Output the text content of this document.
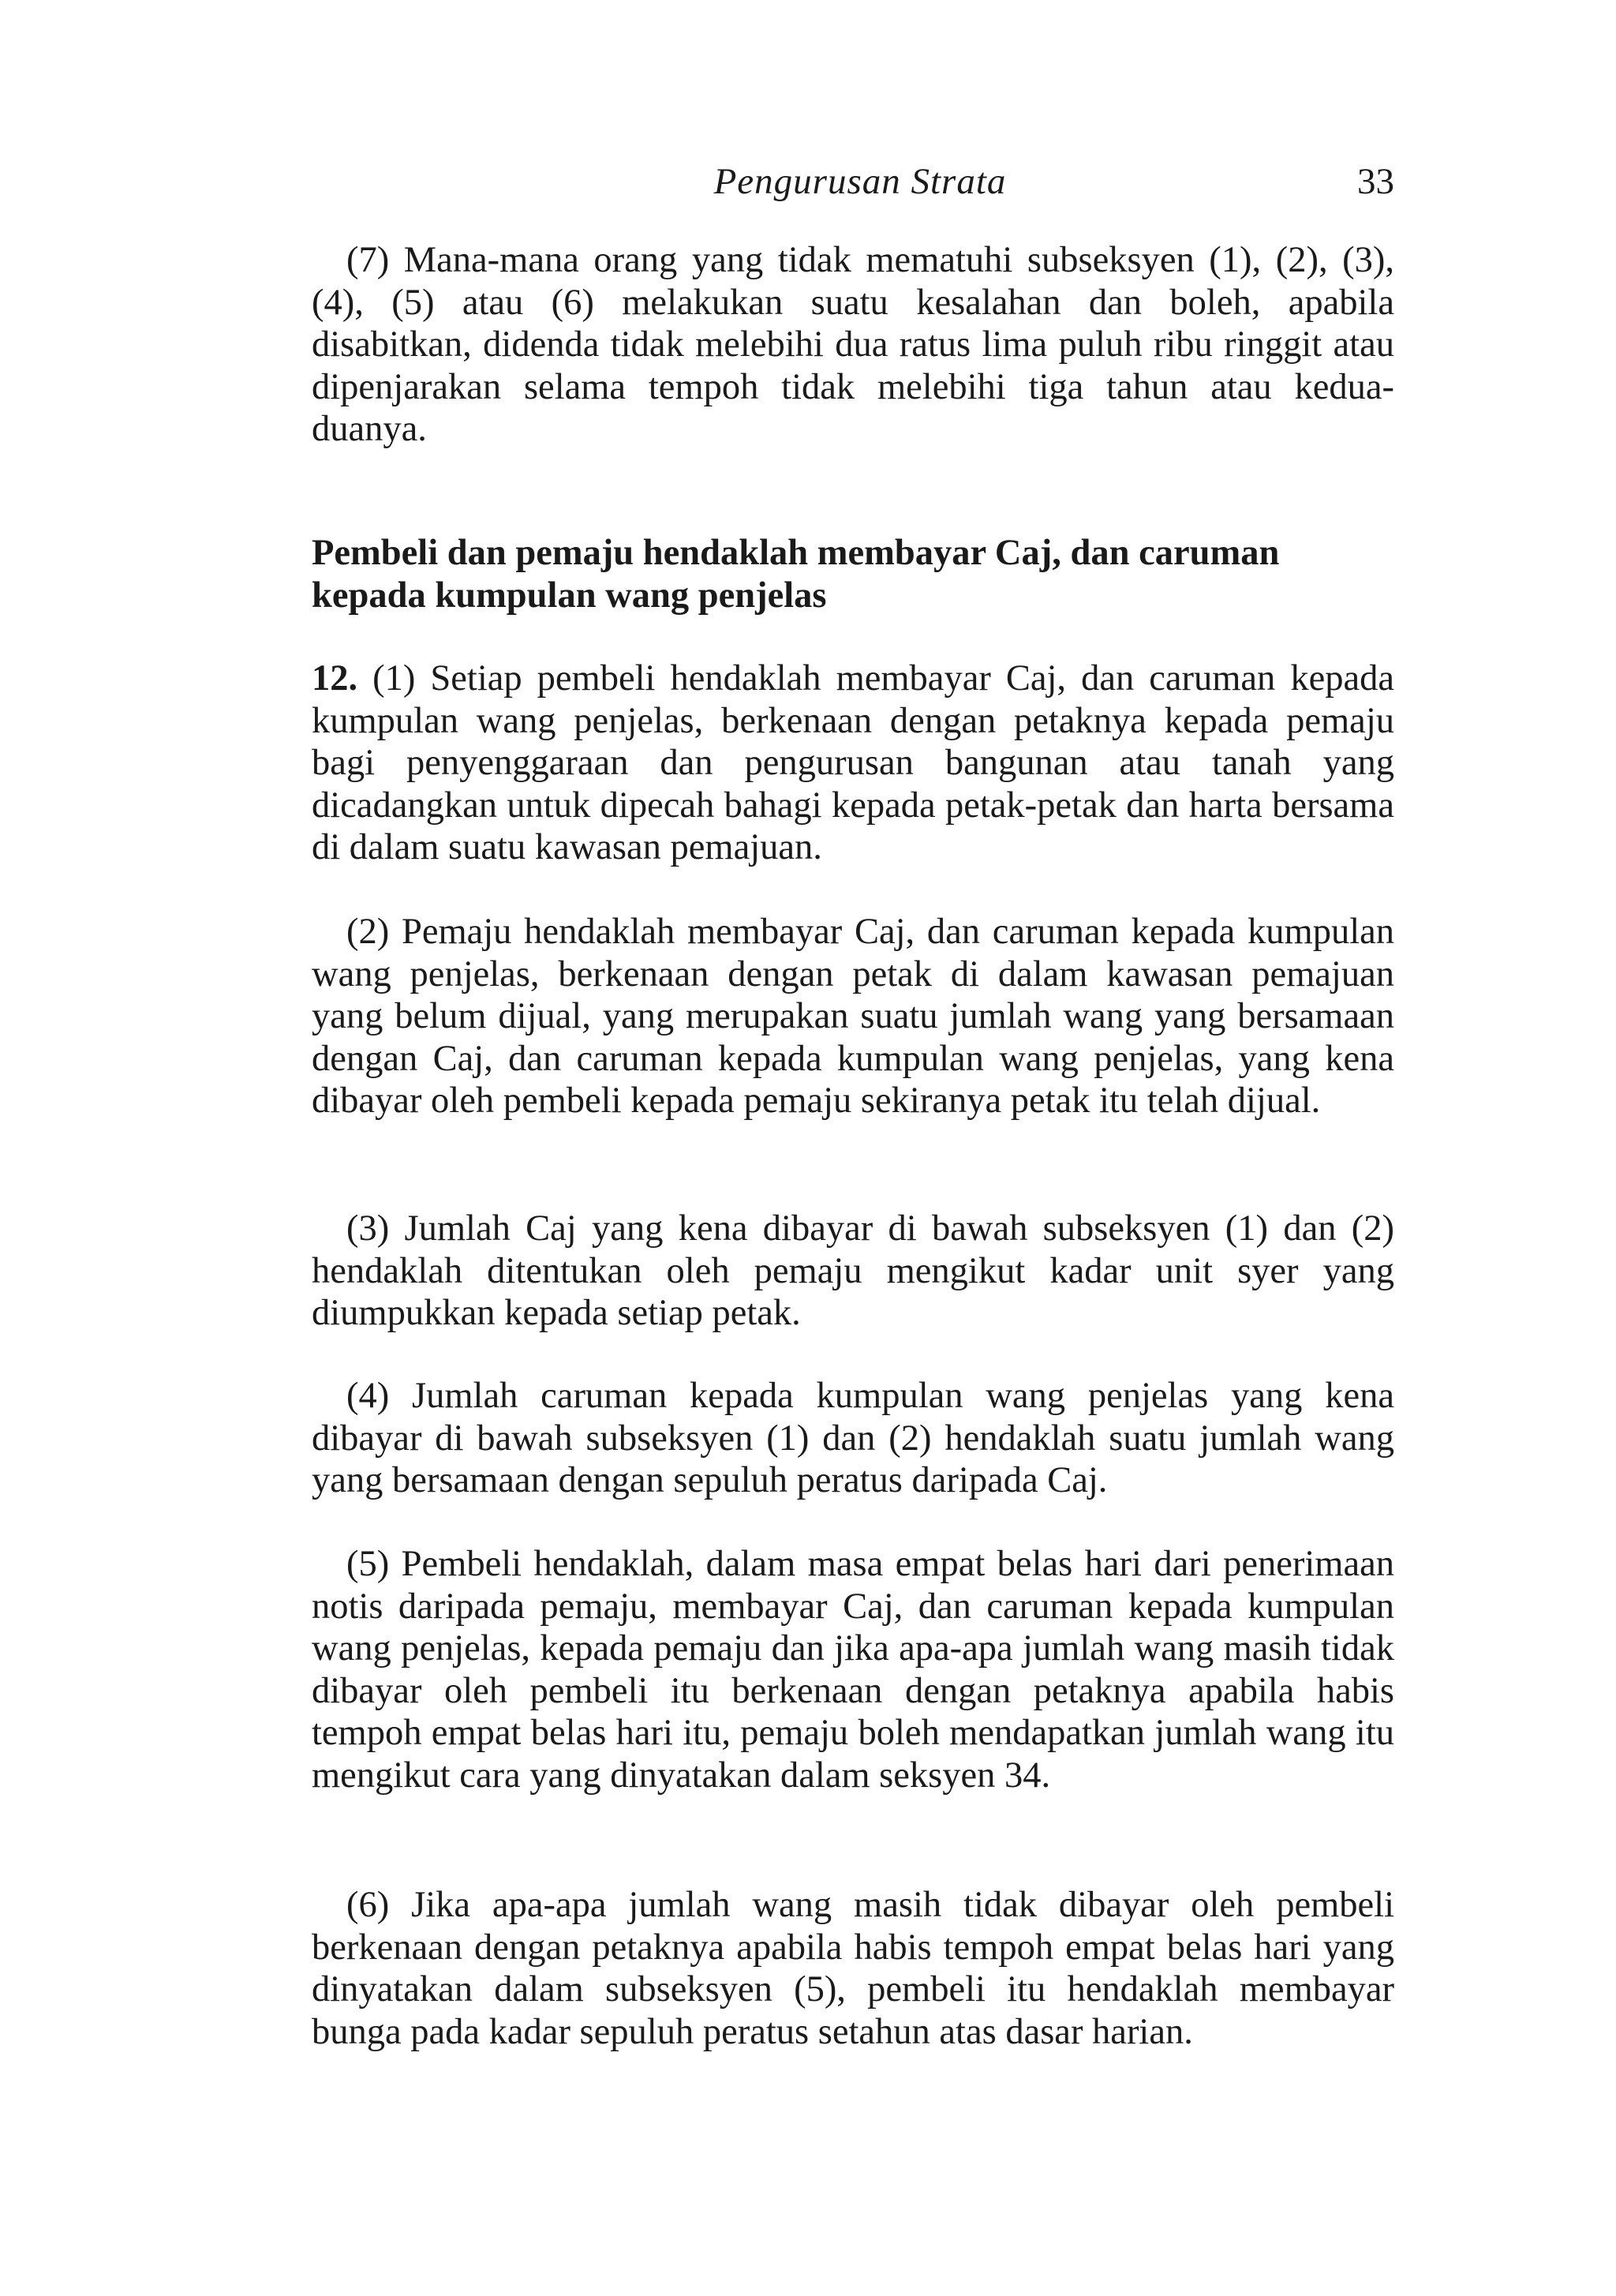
Pengurusan Strata	33

(7) Mana-mana orang yang tidak mematuhi subseksyen (1), (2), (3), (4), (5) atau (6) melakukan suatu kesalahan dan boleh, apabila disabitkan, didenda tidak melebihi dua ratus lima puluh ribu ringgit atau dipenjarakan selama tempoh tidak melebihi tiga tahun atau kedua-duanya.

Pembeli dan pemaju hendaklah membayar Caj, dan caruman kepada kumpulan wang penjelas

12. (1) Setiap pembeli hendaklah membayar Caj, dan caruman kepada kumpulan wang penjelas, berkenaan dengan petaknya kepada pemaju bagi penyenggaraan dan pengurusan bangunan atau tanah yang dicadangkan untuk dipecah bahagi kepada petak-petak dan harta bersama di dalam suatu kawasan pemajuan.

(2) Pemaju hendaklah membayar Caj, dan caruman kepada kumpulan wang penjelas, berkenaan dengan petak di dalam kawasan pemajuan yang belum dijual, yang merupakan suatu jumlah wang yang bersamaan dengan Caj, dan caruman kepada kumpulan wang penjelas, yang kena dibayar oleh pembeli kepada pemaju sekiranya petak itu telah dijual.

(3) Jumlah Caj yang kena dibayar di bawah subseksyen (1) dan (2) hendaklah ditentukan oleh pemaju mengikut kadar unit syer yang diumpukkan kepada setiap petak.

(4) Jumlah caruman kepada kumpulan wang penjelas yang kena dibayar di bawah subseksyen (1) dan (2) hendaklah suatu jumlah wang yang bersamaan dengan sepuluh peratus daripada Caj.

(5) Pembeli hendaklah, dalam masa empat belas hari dari penerimaan notis daripada pemaju, membayar Caj, dan caruman kepada kumpulan wang penjelas, kepada pemaju dan jika apa-apa jumlah wang masih tidak dibayar oleh pembeli itu berkenaan dengan petaknya apabila habis tempoh empat belas hari itu, pemaju boleh mendapatkan jumlah wang itu mengikut cara yang dinyatakan dalam seksyen 34.

(6) Jika apa-apa jumlah wang masih tidak dibayar oleh pembeli berkenaan dengan petaknya apabila habis tempoh empat belas hari yang dinyatakan dalam subseksyen (5), pembeli itu hendaklah membayar bunga pada kadar sepuluh peratus setahun atas dasar harian.
